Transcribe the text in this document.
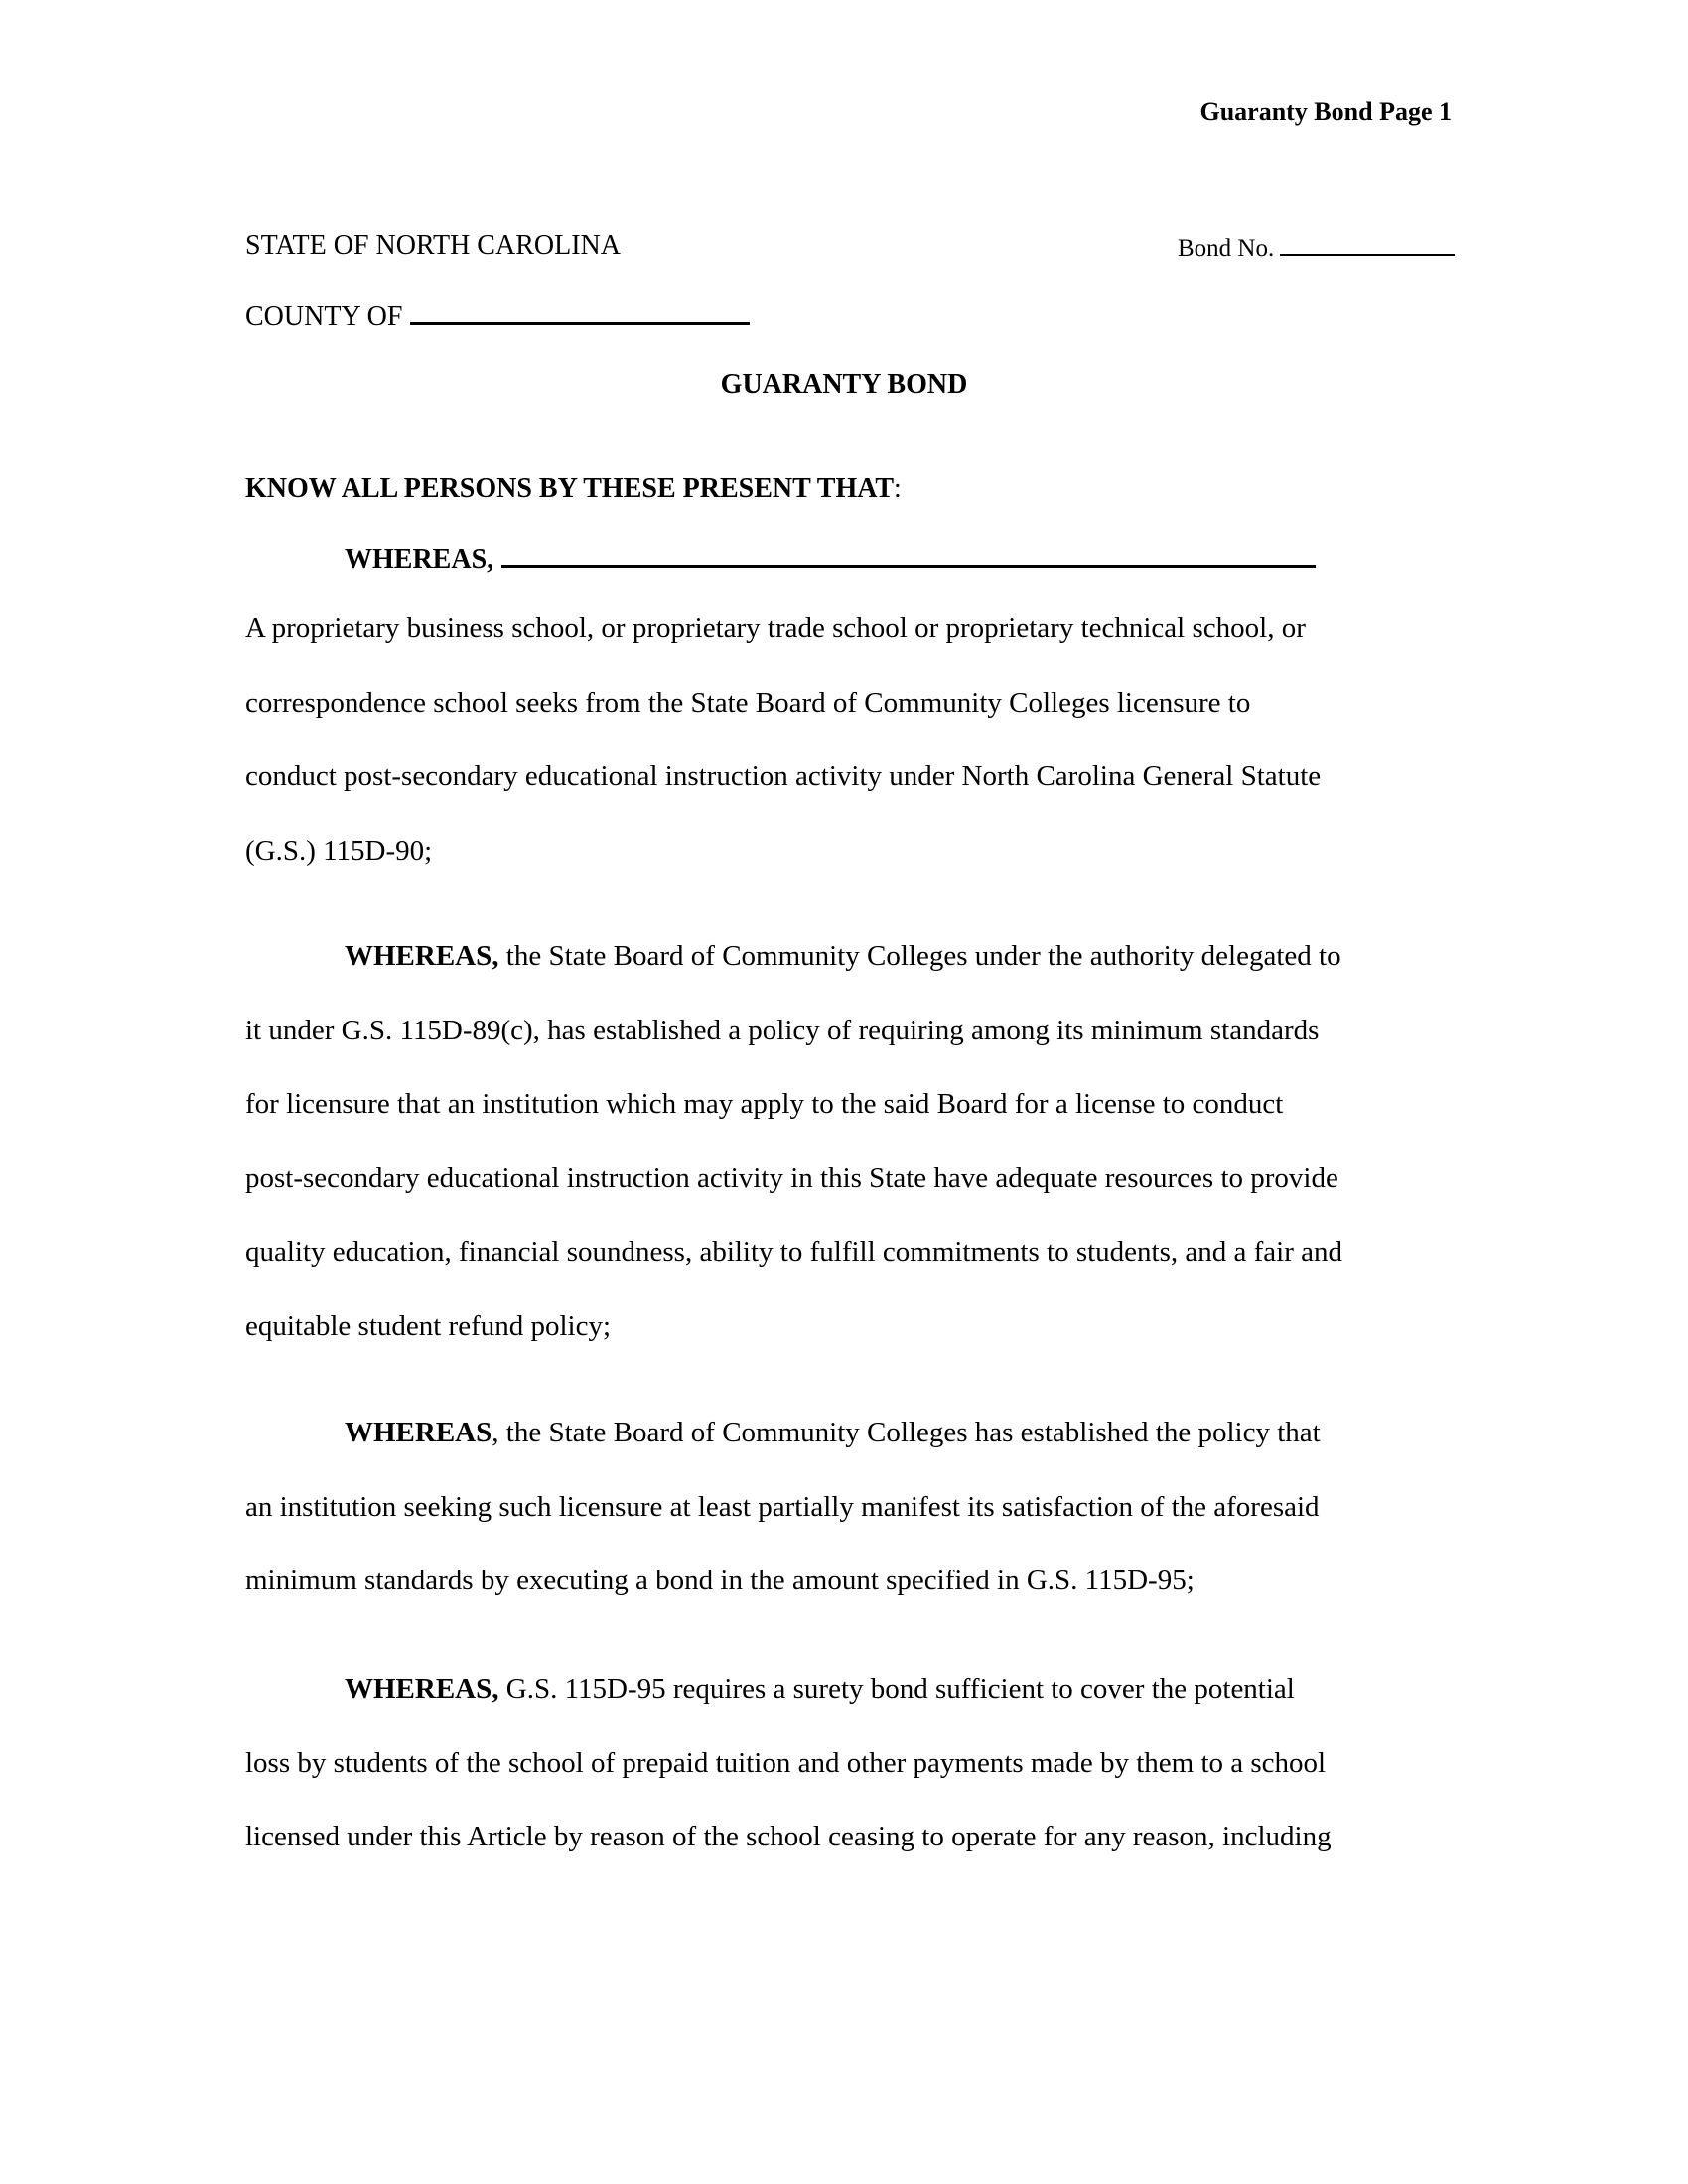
Guaranty Bond Page 1
STATE OF NORTH CAROLINA	Bond No.
COUNTY OF
GUARANTY BOND
KNOW ALL PERSONS BY THESE PRESENT THAT:
WHEREAS,
A proprietary business school, or proprietary trade school or proprietary technical school, or
correspondence school seeks from the State Board of Community Colleges licensure to
conduct post-secondary educational instruction activity under North Carolina General Statute
(G.S.) 115D-90;
WHEREAS, the State Board of Community Colleges under the authority delegated to
it under G.S. 115D-89(c), has established a policy of requiring among its minimum standards
for licensure that an institution which may apply to the said Board for a license to conduct
post-secondary educational instruction activity in this State have adequate resources to provide
quality education, financial soundness, ability to fulfill commitments to students, and a fair and
equitable student refund policy;
WHEREAS, the State Board of Community Colleges has established the policy that
an institution seeking such licensure at least partially manifest its satisfaction of the aforesaid
minimum standards by executing a bond in the amount specified in G.S. 115D-95;
WHEREAS, G.S. 115D-95 requires a surety bond sufficient to cover the potential
loss by students of the school of prepaid tuition and other payments made by them to a school
licensed under this Article by reason of the school ceasing to operate for any reason, including
